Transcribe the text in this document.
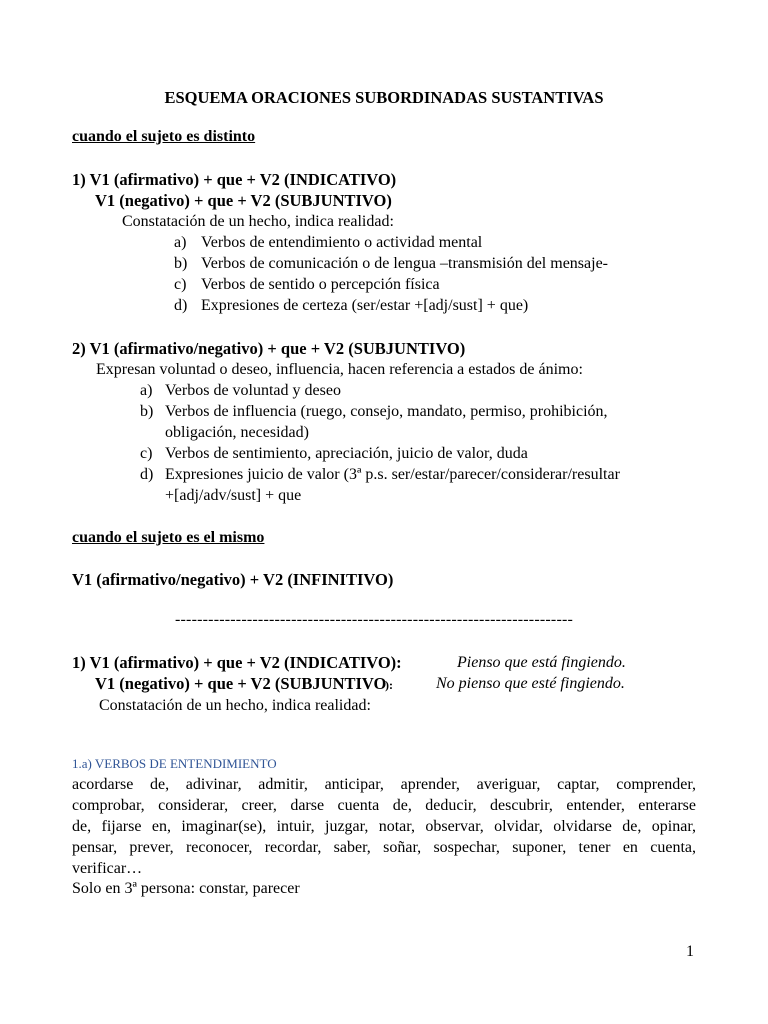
ESQUEMA ORACIONES SUBORDINADAS SUSTANTIVAS
cuando el sujeto es distinto
1) V1 (afirmativo) + que + V2 (INDICATIVO)
V1 (negativo) + que + V2 (SUBJUNTIVO)
Constatación de un hecho, indica realidad:
a) Verbos de entendimiento o actividad mental
b) Verbos de comunicación o de lengua –transmisión del mensaje-
c) Verbos de sentido o percepción física
d) Expresiones de certeza (ser/estar +[adj/sust] + que)
2) V1 (afirmativo/negativo) + que + V2 (SUBJUNTIVO)
Expresan voluntad o deseo, influencia, hacen referencia a estados de ánimo:
a) Verbos de voluntad y deseo
b) Verbos de influencia (ruego, consejo, mandato, permiso, prohibición,
obligación, necesidad)
c) Verbos de sentimiento, apreciación, juicio de valor, duda
d) Expresiones juicio de valor (3ª p.s. ser/estar/parecer/considerar/resultar
+[adj/adv/sust] + que
cuando el sujeto es el mismo
V1 (afirmativo/negativo) + V2 (INFINITIVO)
------------------------------------------------------------------------
1) V1 (afirmativo) + que + V2 (INDICATIVO):	Pienso que está fingiendo.
V1 (negativo) + que + V2 (SUBJUNTIVO
):	No pienso que esté fingiendo.
Constatación de un hecho, indica realidad:
1.a) VERBOS DE ENTENDIMIENTO
acordarse de, adivinar, admitir, anticipar, aprender, averiguar, captar, comprender,
comprobar, considerar, creer, darse cuenta de, deducir, descubrir, entender, enterarse
de, fijarse en, imaginar(se), intuir, juzgar, notar, observar, olvidar, olvidarse de, opinar,
pensar, prever, reconocer, recordar, saber, soñar, sospechar, suponer, tener en cuenta,
verificar…
Solo en 3ª persona: constar, parecer
1
